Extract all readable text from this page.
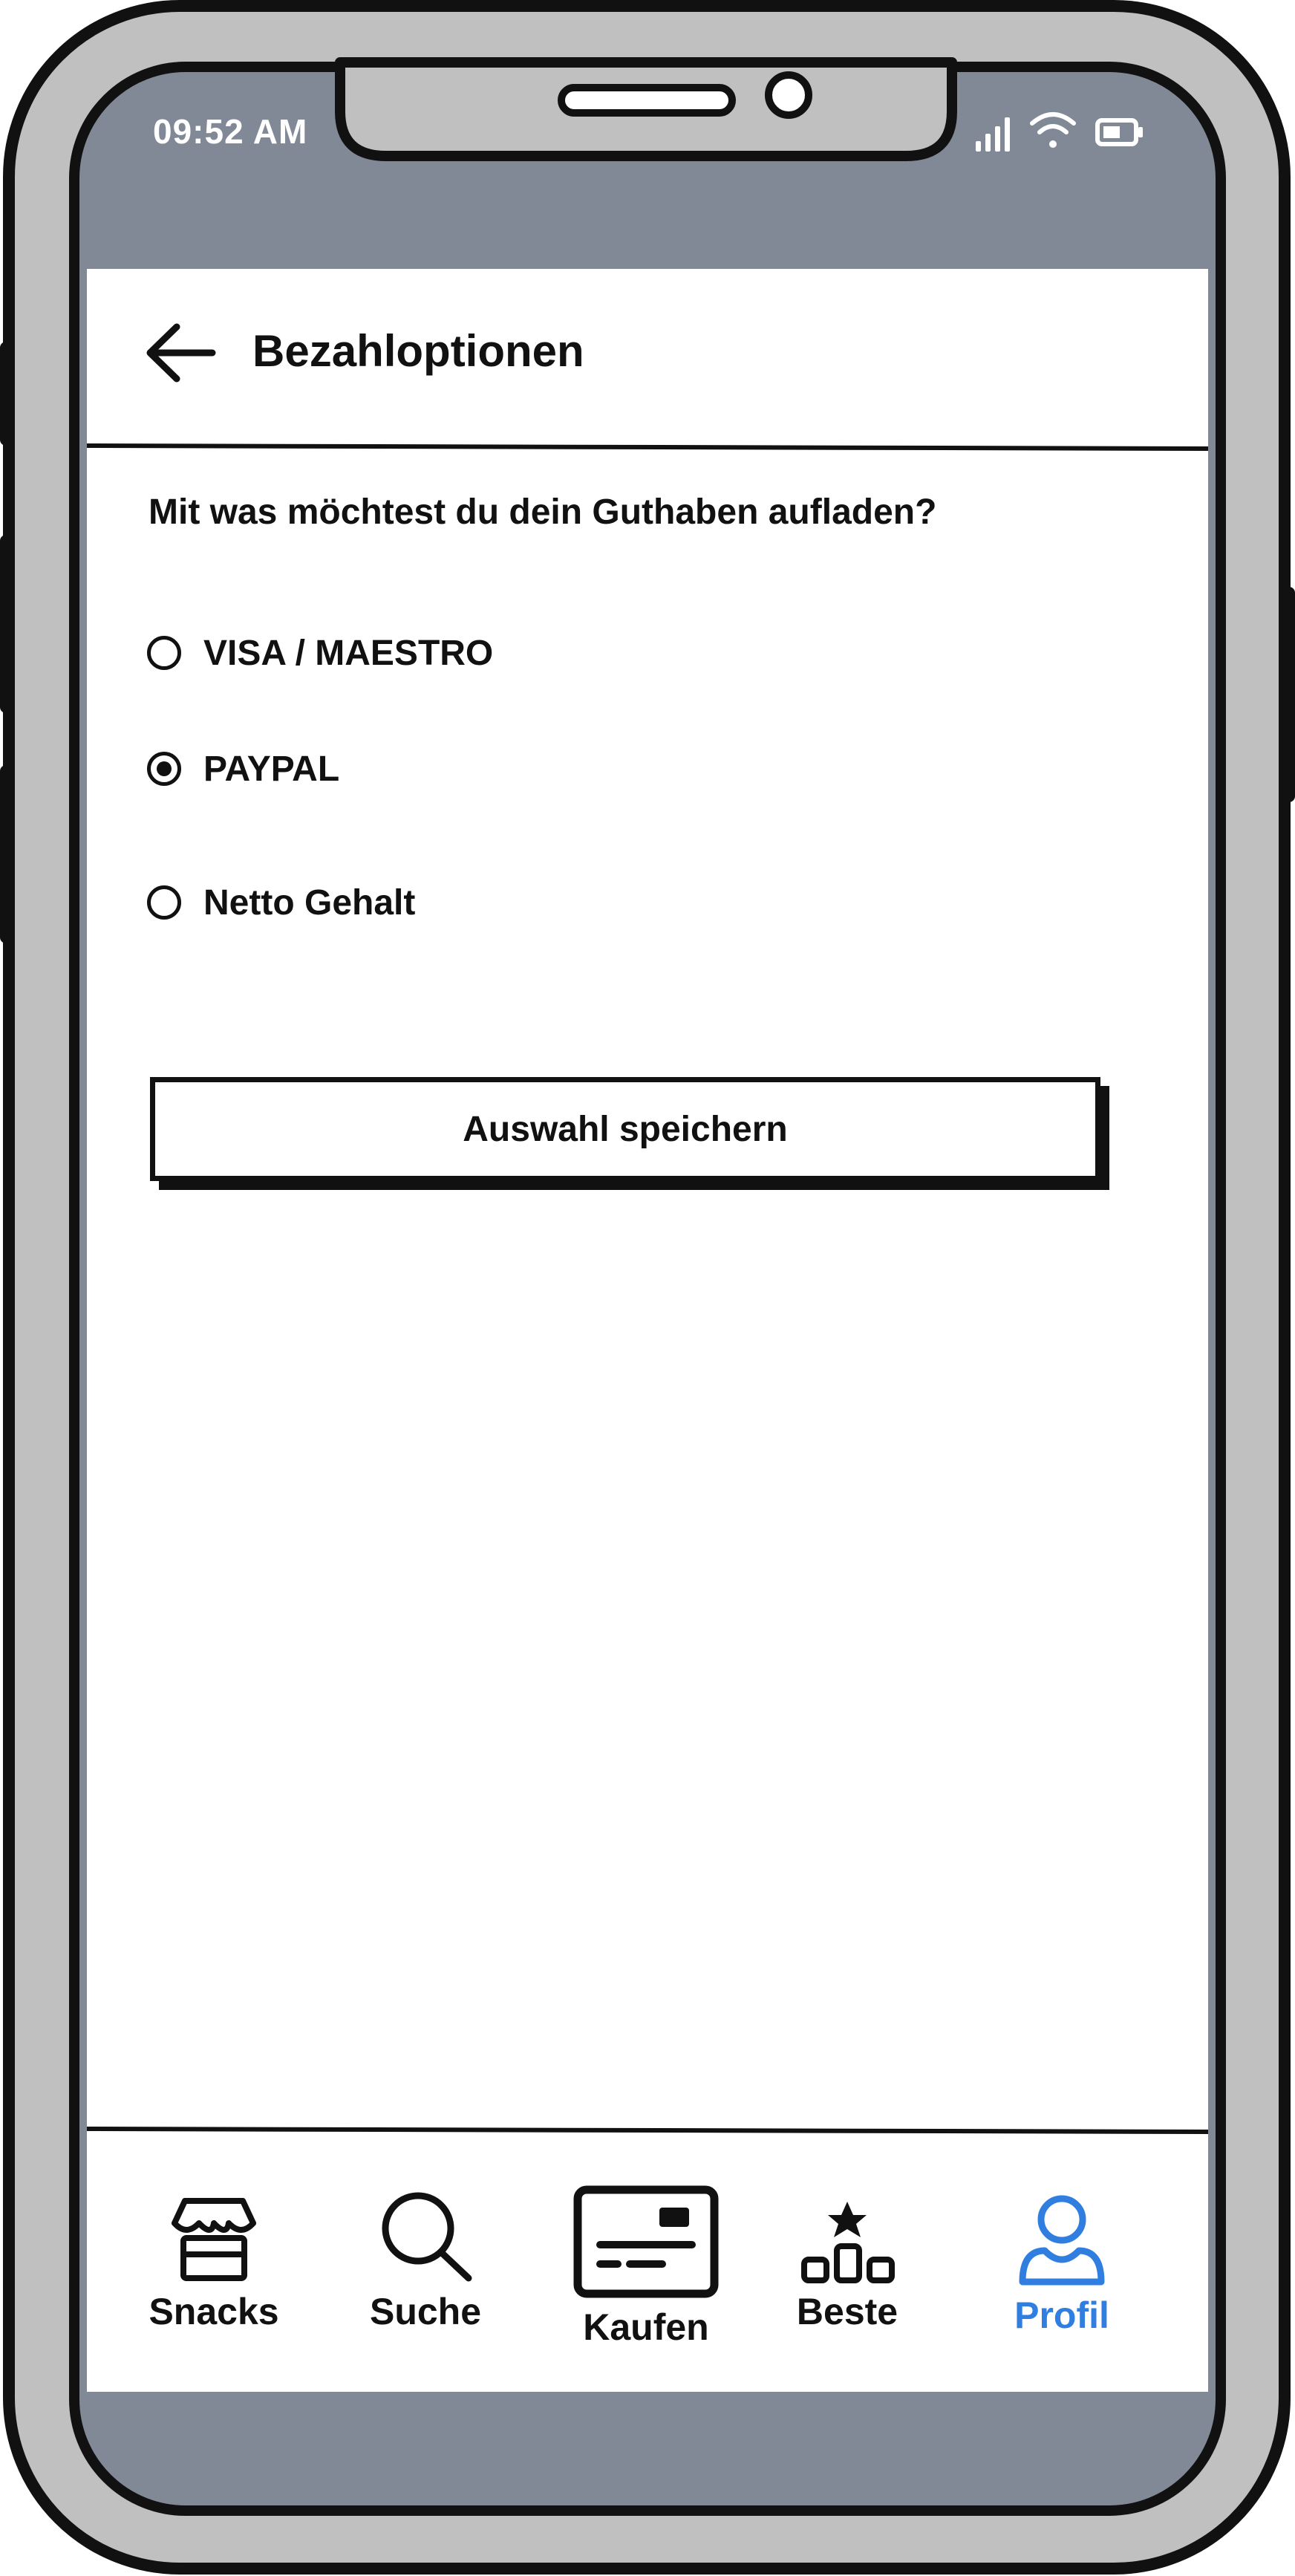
09:52 AM
Bezahloptionen
Mit was möchtest du dein Guthaben aufladen?
VISA / MAESTRO
PAYPAL
Netto Gehalt
Auswahl speichern
Snacks Suche	Kaufen Beste	Profil
